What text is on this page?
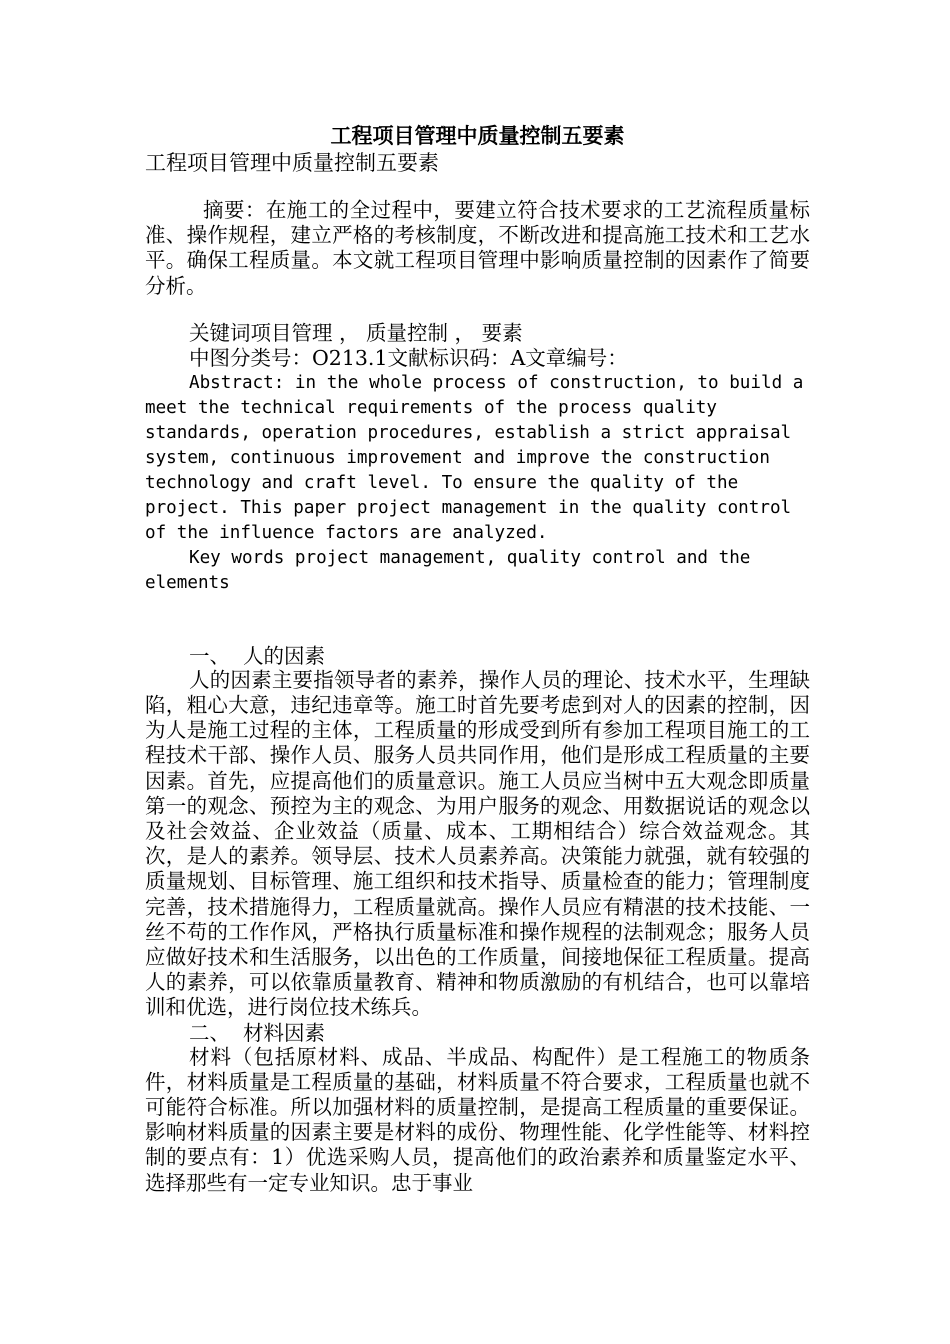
工程项目管理中质量控制五要素

工程项目管理中质量控制五要素

摘要：在施工的全过程中，要建立符合技术要求的工艺流程质量标准、操作规程，建立严格的考核制度，不断改进和提高施工技术和工艺水平。确保工程质量。本文就工程项目管理中影响质量控制的因素作了简要分析。

关键词项目管理 ， 质量控制 ， 要素

中图分类号：O213.1文献标识码：A文章编号：

Abstract: in the whole process of construction, to build a meet the technical requirements of the process quality standards, operation procedures, establish a strict appraisal system, continuous improvement and improve the construction technology and craft level. To ensure the quality of the project. This paper project management in the quality control of the influence factors are analyzed.

Key words project management, quality control and the elements

一、 人的因素

人的因素主要指领导者的素养，操作人员的理论、技术水平，生理缺陷，粗心大意，违纪违章等。施工时首先要考虑到对人的因素的控制，因为人是施工过程的主体，工程质量的形成受到所有参加工程项目施工的工程技术干部、操作人员、服务人员共同作用，他们是形成工程质量的主要因素。首先，应提高他们的质量意识。施工人员应当树中五大观念即质量第一的观念、预控为主的观念、为用户服务的观念、用数据说话的观念以及社会效益、企业效益（质量、成本、工期相结合）综合效益观念。其次，是人的素养。领导层、技术人员素养高。决策能力就强，就有较强的质量规划、目标管理、施工组织和技术指导、质量检查的能力；管理制度完善，技术措施得力，工程质量就高。操作人员应有精湛的技术技能、一丝不苟的工作作风，严格执行质量标准和操作规程的法制观念；服务人员应做好技术和生活服务，以出色的工作质量，间接地保征工程质量。提高人的素养，可以依靠质量教育、精神和物质激励的有机结合，也可以靠培训和优选，进行岗位技术练兵。

二、 材料因素

材料（包括原材料、成品、半成品、构配件）是工程施工的物质条件，材料质量是工程质量的基础，材料质量不符合要求，工程质量也就不可能符合标准。所以加强材料的质量控制，是提高工程质量的重要保证。影响材料质量的因素主要是材料的成份、物理性能、化学性能等、材料控制的要点有：1）优选采购人员，提高他们的政治素养和质量鉴定水平、选择那些有一定专业知识。忠于事业
